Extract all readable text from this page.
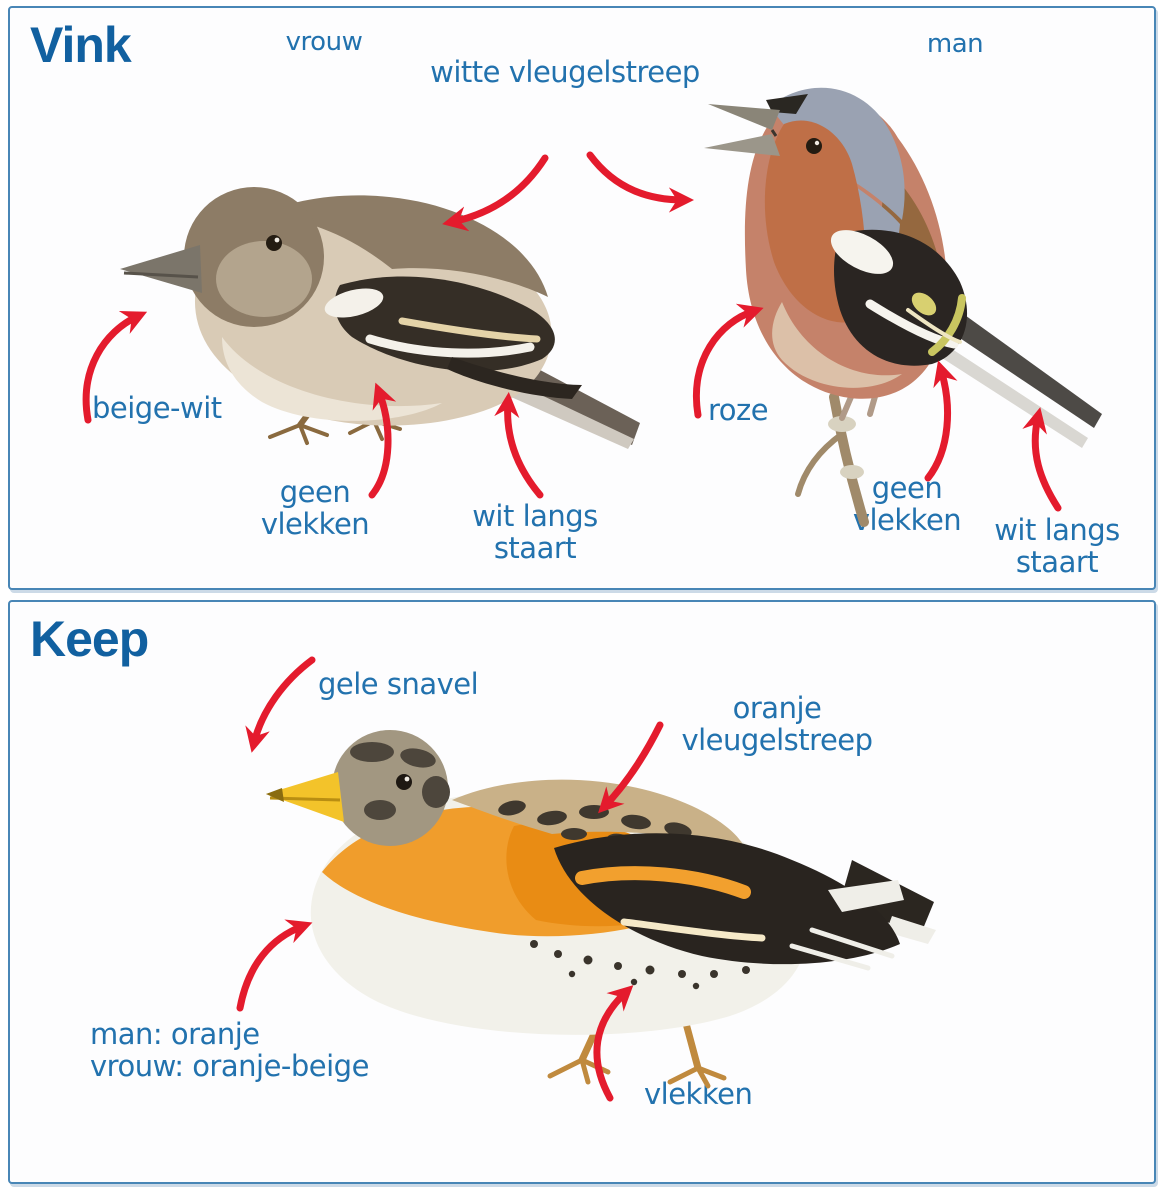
Vink	vrouw	man
witte vleugelstreep
beige-wit
geen vlekken	wit langs staart
roze
geen vlekken	wit langs staart
Keep
gele snavel
oranje vleugelstreep
man: oranje
vrouw: oranje-beige
vlekken
